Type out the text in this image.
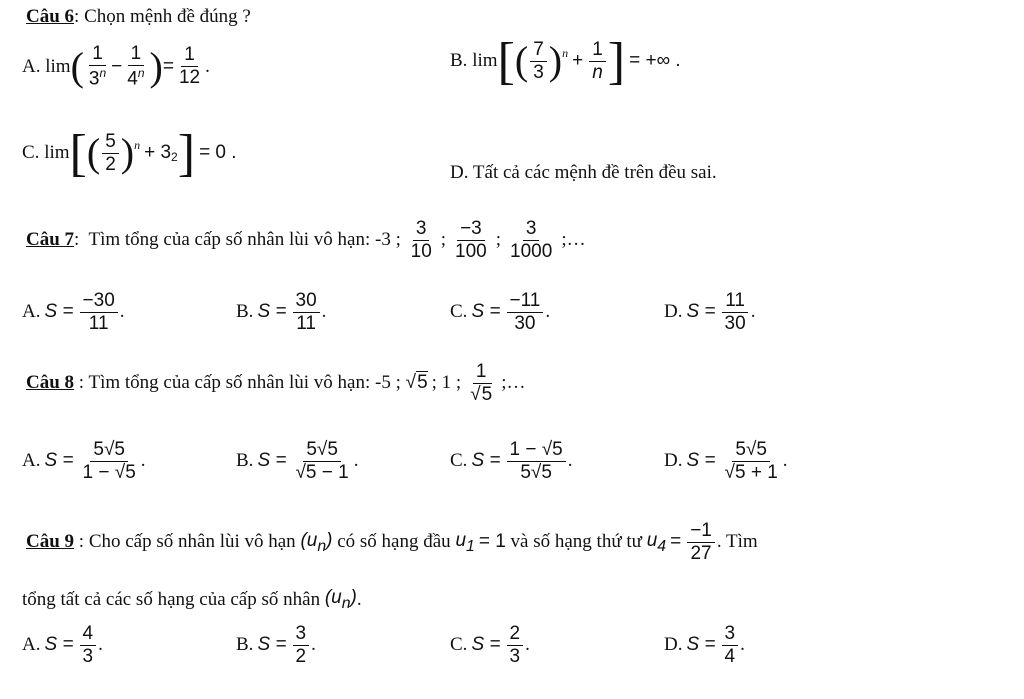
Câu 6: Chọn mệnh đề đúng ?
A.
lim ( $\frac{1}{3^n} - \frac{1}{4^n}$ ) = $\frac{1}{12}$ .	B.
lim [ ( $\frac{7}{3} )^n + \frac{1}{n}$ ] = +∞ .
C.
lim [ ( $\frac{5}{2} )^n + 3$ 2 ] = 0 .
D. Tất cả các mệnh đề trên đều sai.
Câu 7 :  Tìm tổng của cấp số nhân lùi vô hạn: -3 ;
$\frac{3}{10}$ ; $\frac{-3}{100}$ ; $\frac{3}{1000}$ ;…
A. $S = \frac{-30}{11}$ .	B. $S = \frac{30}{11}$ .	C. $S = \frac{-11}{30}$ .	D. $S = \frac{11}{30}$ .
Câu 8 : Tìm tổng của cấp số nhân lùi vô hạn: -5 ;
√5 ; 1 ; $\frac{1}{√5}$ ;…
A. $S = \frac{5√5}{1 - √5}$ .	B. $S = \frac{5√5}{√5 - 1}$ .	C. $S = \frac{1 - √5}{5√5}$ .	D. $S = \frac{5√5}{√5 + 1}$ .
Câu 9 : Cho cấp số nhân lùi vô hạn
$(u_n)$
có số hạng đầu
$u_1 = 1$
và số hạng thứ tư
$u_4 = \frac{-1}{27}$ . Tìm
tổng tất cả các số hạng của cấp số nhân
$(u_n)$ .
A. $S = \frac{4}{3}$ .	B. $S = \frac{3}{2}$ .	C. $S = \frac{2}{3}$ .	D. $S = \frac{3}{4}$ .
